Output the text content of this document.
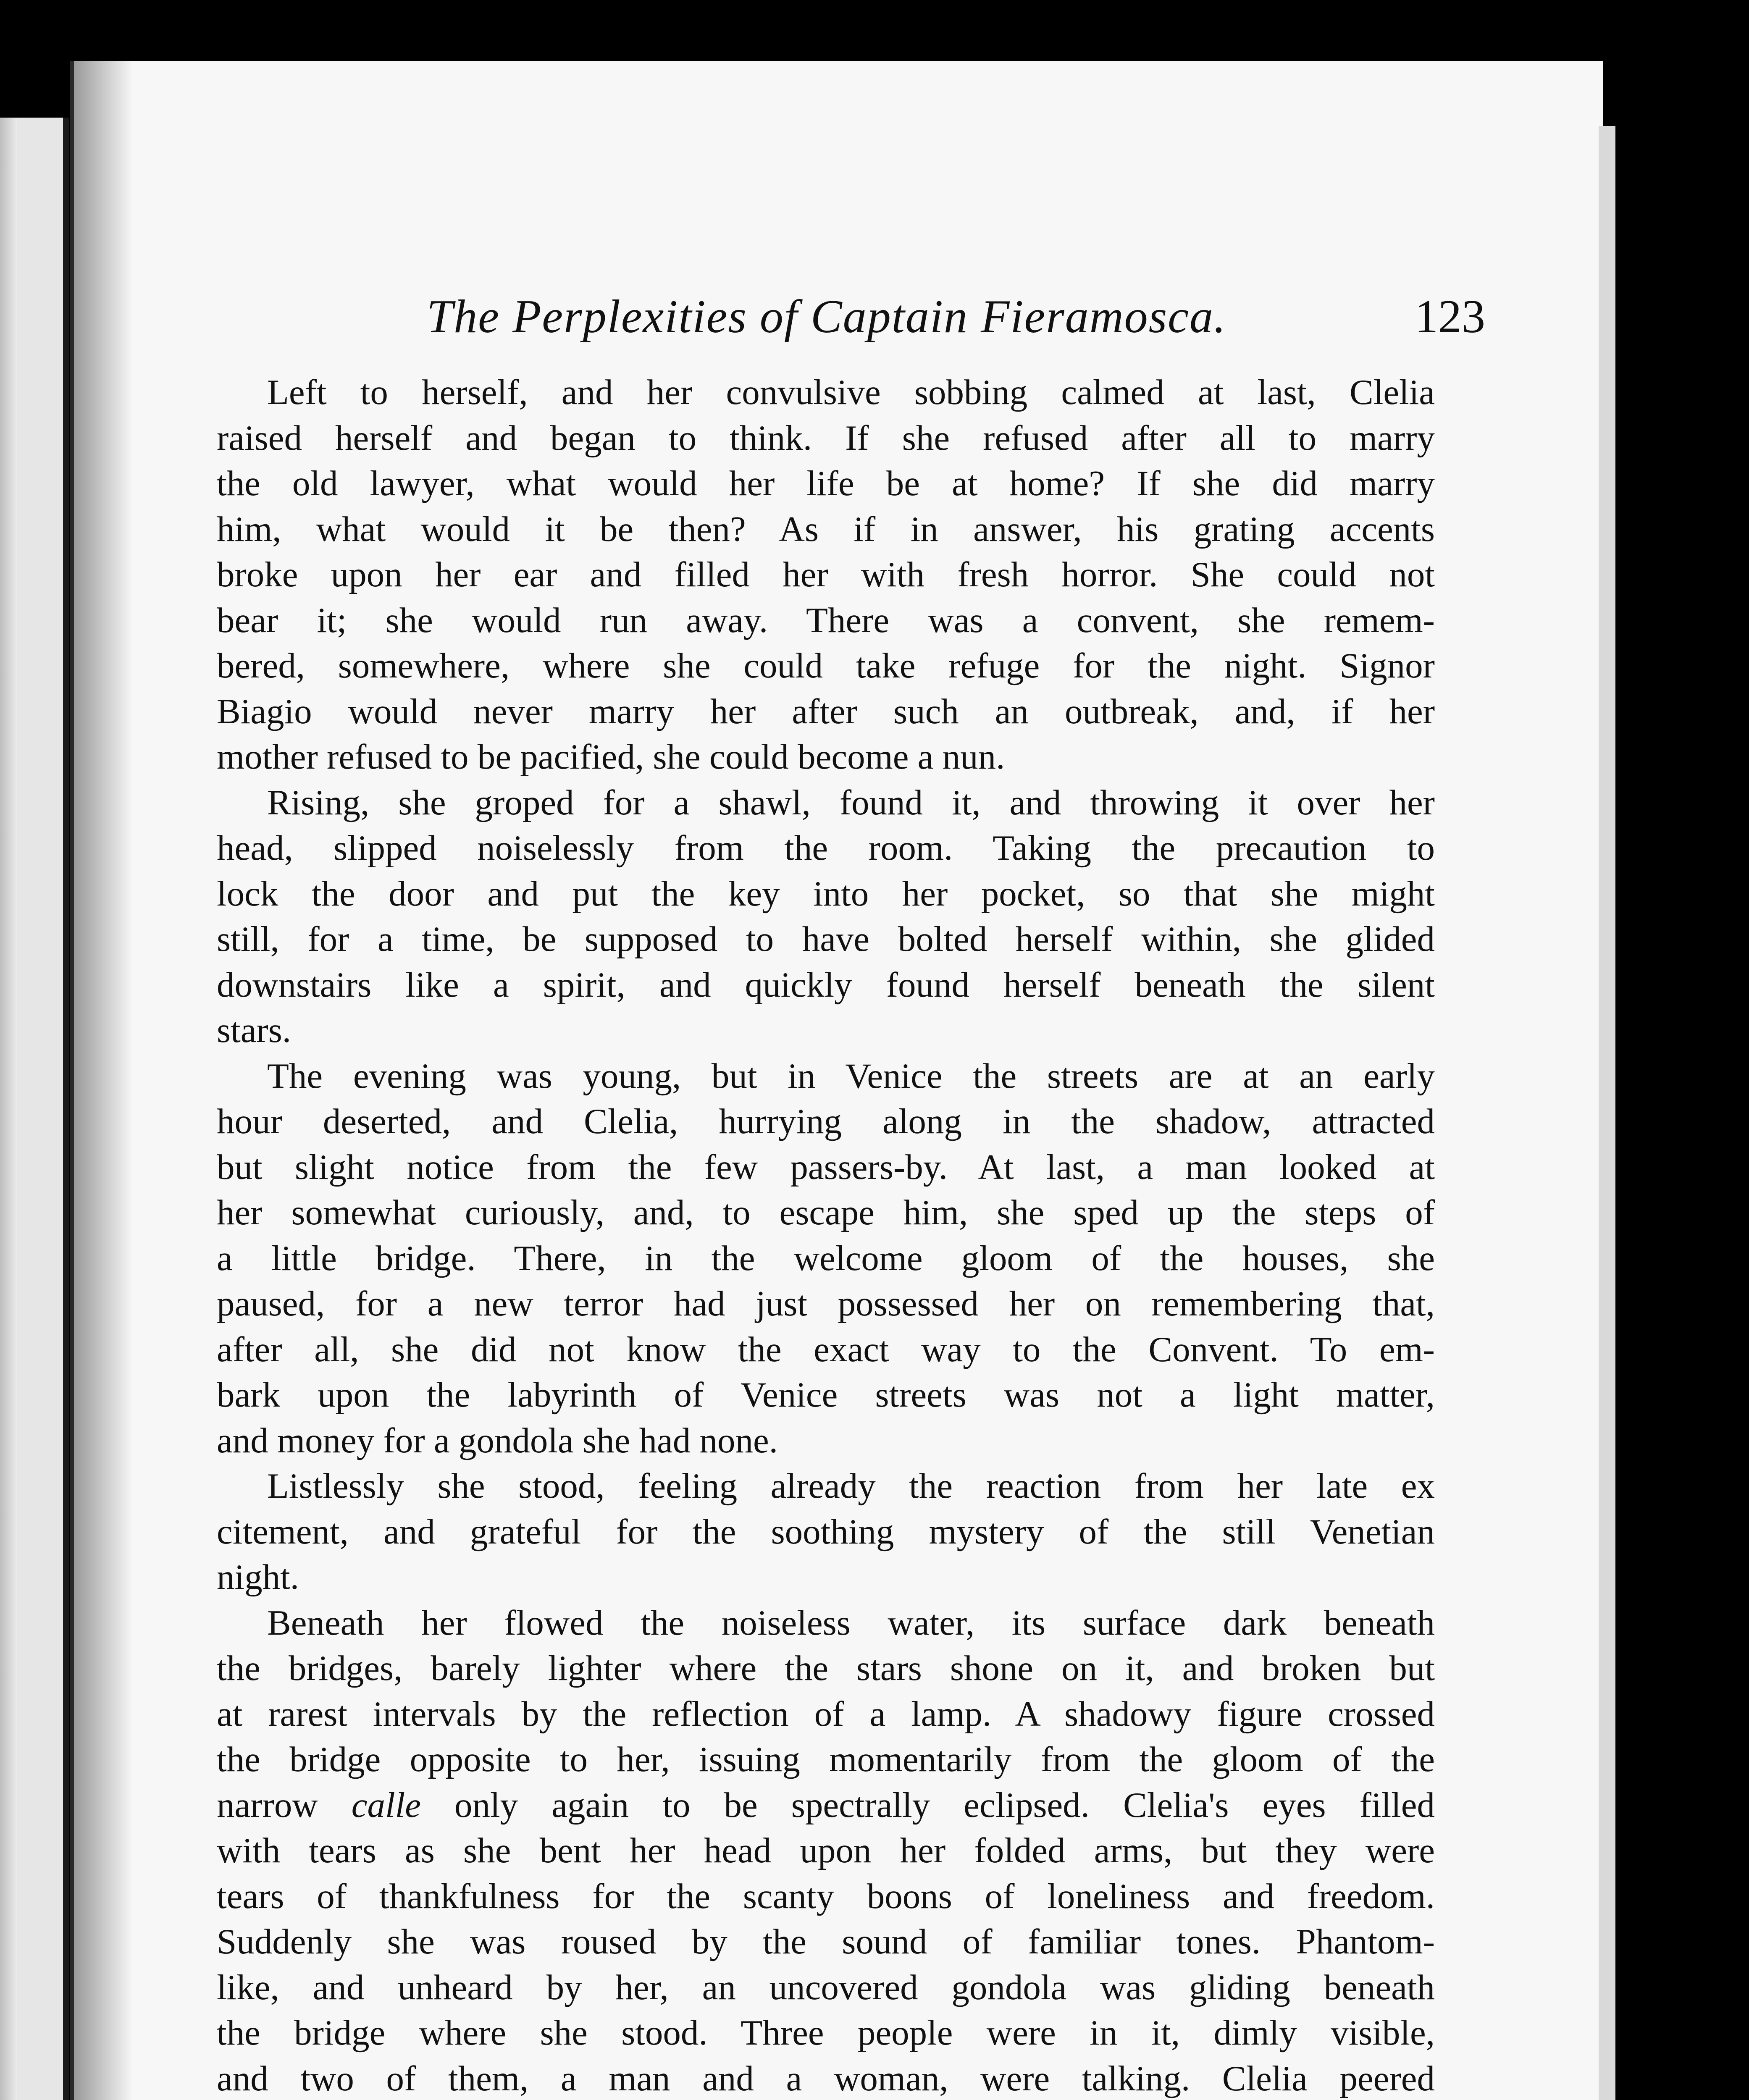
The Perplexities of Captain Fieramosca.	123
Left to herself, and her convulsive sobbing calmed at last, Clelia
raised herself and began to think. If she refused after all to marry
the old lawyer, what would her life be at home? If she did marry
him, what would it be then? As if in answer, his grating accents
broke upon her ear and filled her with fresh horror. She could not
bear it; she would run away. There was a convent, she remem-
bered, somewhere, where she could take refuge for the night. Signor
Biagio would never marry her after such an outbreak, and, if her
mother refused to be pacified, she could become a nun.
Rising, she groped for a shawl, found it, and throwing it over her
head, slipped noiselessly from the room. Taking the precaution to
lock the door and put the key into her pocket, so that she might
still, for a time, be supposed to have bolted herself within, she glided
downstairs like a spirit, and quickly found herself beneath the silent
stars.
The evening was young, but in Venice the streets are at an early
hour deserted, and Clelia, hurrying along in the shadow, attracted
but slight notice from the few passers-by. At last, a man looked at
her somewhat curiously, and, to escape him, she sped up the steps of
a little bridge. There, in the welcome gloom of the houses, she
paused, for a new terror had just possessed her on remembering that,
after all, she did not know the exact way to the Convent. To em-
bark upon the labyrinth of Venice streets was not a light matter,
and money for a gondola she had none.
Listlessly she stood, feeling already the reaction from her late ex
citement, and grateful for the soothing mystery of the still Venetian
night.
Beneath her flowed the noiseless water, its surface dark beneath
the bridges, barely lighter where the stars shone on it, and broken but
at rarest intervals by the reflection of a lamp. A shadowy figure crossed
the bridge opposite to her, issuing momentarily from the gloom of the
narrow calle only again to be spectrally eclipsed. Clelia's eyes filled
with tears as she bent her head upon her folded arms, but they were
tears of thankfulness for the scanty boons of loneliness and freedom.
Suddenly she was roused by the sound of familiar tones. Phantom-
like, and unheard by her, an uncovered gondola was gliding beneath
the bridge where she stood. Three people were in it, dimly visible,
and two of them, a man and a woman, were talking. Clelia peered
